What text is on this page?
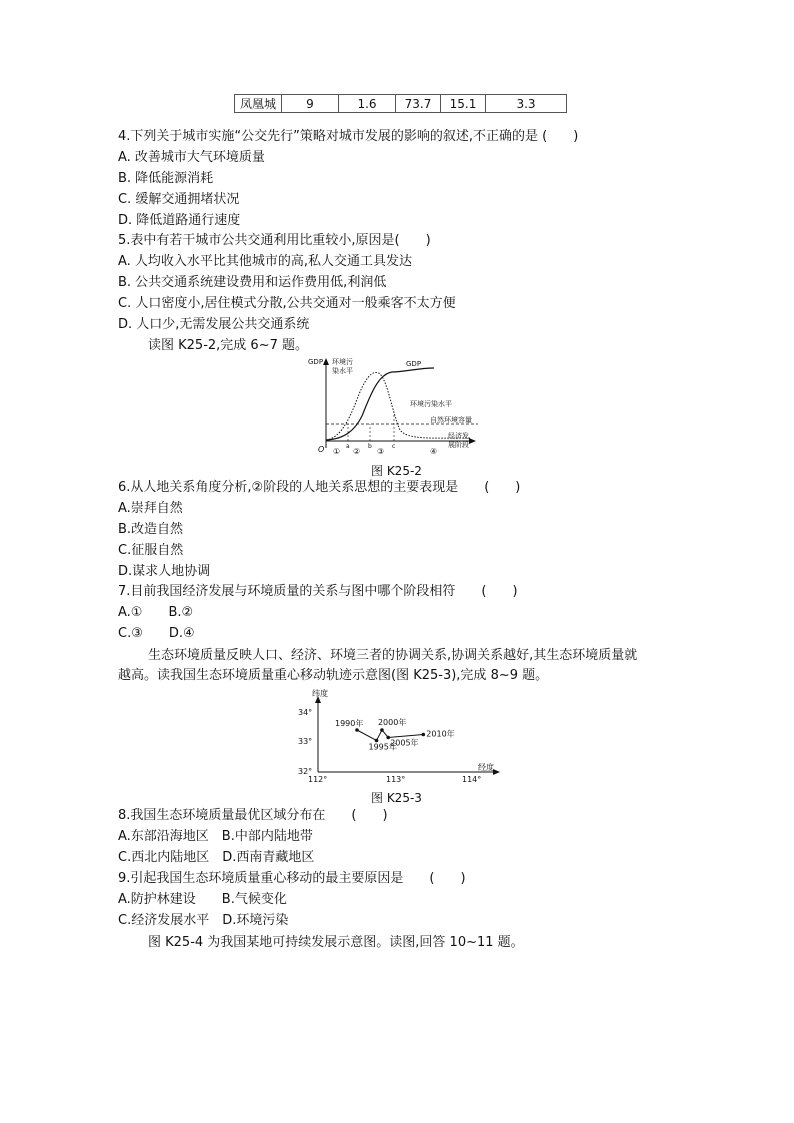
凤凰城	9	1.6	73.7	15.1	3.3
4.下列关于城市实施“公交先行”策略对城市发展的影响的叙述,不正确的是 (　　)
A. 改善城市大气环境质量
B. 降低能源消耗
C. 缓解交通拥堵状况
D. 降低道路通行速度
5.表中有若干城市公共交通利用比重较小,原因是(　　)
A. 人均收入水平比其他城市的高,私人交通工具发达
B. 公共交通系统建设费用和运作费用低,利润低
C. 人口密度小,居住模式分散,公共交通对一般乘客不太方便
D. 人口少,无需发展公共交通系统
读图 K25-2,完成 6~7 题。
GDP 环境污
染水平
GDP
环境污染水平
自然环境容量
经济发
展阶段
O	a	b	c
① ② ③	④
图 K25-2
6.从人地关系角度分析,②阶段的人地关系思想的主要表现是　　(　　)
A.崇拜自然
B.改造自然
C.征服自然
D.谋求人地协调
7.目前我国经济发展与环境质量的关系与图中哪个阶段相符　　(　　)
A.①　　B.②
C.③　　D.④
生态环境质量反映人口、经济、环境三者的协调关系,协调关系越好,其生态环境质量就
越高。读我国生态环境质量重心移动轨迹示意图(图 K25-3),完成 8~9 题。
纬度
经度
34°
33°
32°
112°	113°	114°
1990年
1995年
2000年
2005年
2010年
图 K25-3
8.我国生态环境质量最优区域分布在　　(　　)
A.东部沿海地区　B.中部内陆地带
C.西北内陆地区　D.西南青藏地区
9.引起我国生态环境质量重心移动的最主要原因是　　(　　)
A.防护林建设　　B.气候变化
C.经济发展水平　D.环境污染
图 K25-4 为我国某地可持续发展示意图。读图,回答 10~11 题。
